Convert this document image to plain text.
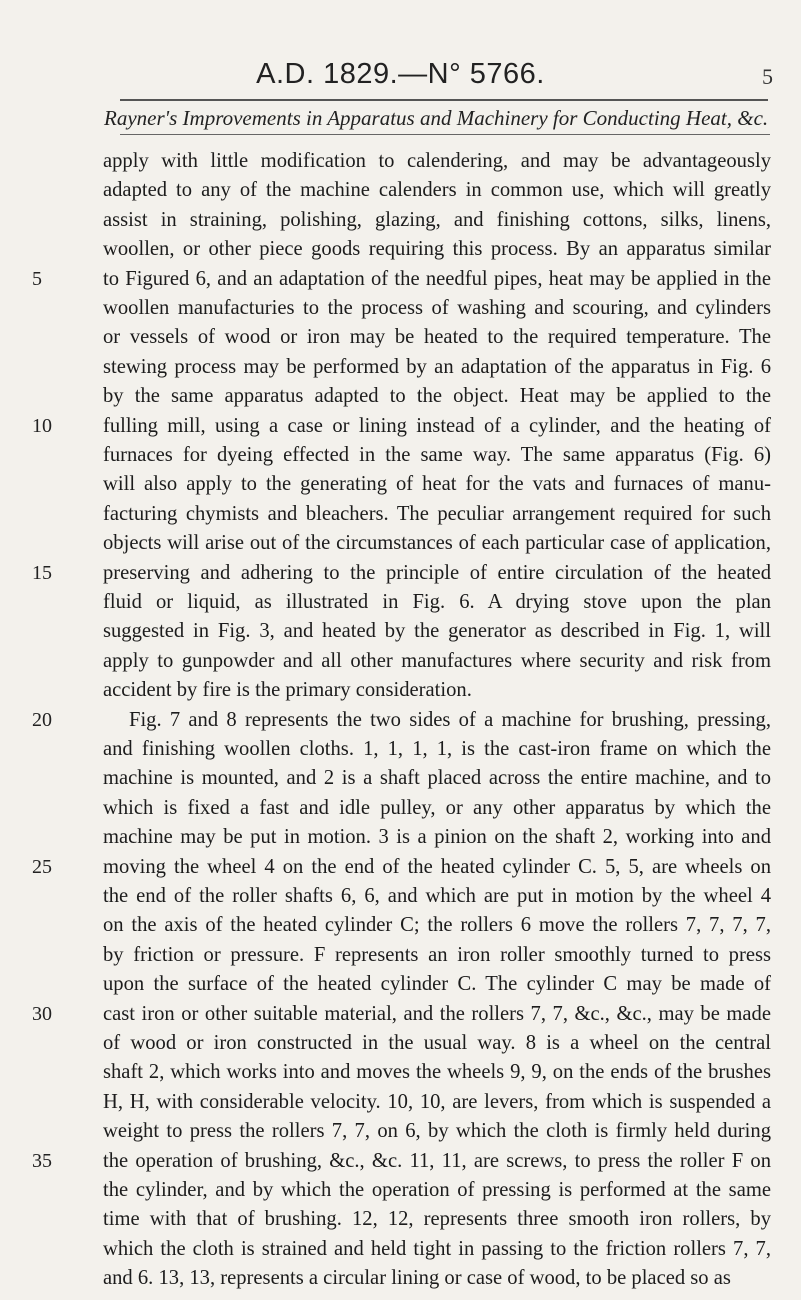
A.D. 1829.—N° 5766.	5
Rayner's Improvements in Apparatus and Machinery for Conducting Heat, &c.
apply with little modification to calendering, and may be advantageously
adapted to any of the machine calenders in common use, which will greatly
assist in straining, polishing, glazing, and finishing cottons, silks, linens,
woollen, or other piece goods requiring this process. By an apparatus similar
to Figured 6, and an adaptation of the needful pipes, heat may be applied in the
woollen manufacturies to the process of washing and scouring, and cylinders
or vessels of wood or iron may be heated to the required temperature. The
stewing process may be performed by an adaptation of the apparatus in Fig. 6
by the same apparatus adapted to the object. Heat may be applied to the
fulling mill, using a case or lining instead of a cylinder, and the heating of
furnaces for dyeing effected in the same way. The same apparatus (Fig. 6)
will also apply to the generating of heat for the vats and furnaces of manu-
facturing chymists and bleachers. The peculiar arrangement required for such
objects will arise out of the circumstances of each particular case of application,
preserving and adhering to the principle of entire circulation of the heated
fluid or liquid, as illustrated in Fig. 6. A drying stove upon the plan
suggested in Fig. 3, and heated by the generator as described in Fig. 1, will
apply to gunpowder and all other manufactures where security and risk from
accident by fire is the primary consideration.
Fig. 7 and 8 represents the two sides of a machine for brushing, pressing,
and finishing woollen cloths. 1, 1, 1, 1, is the cast-iron frame on which the
machine is mounted, and 2 is a shaft placed across the entire machine, and to
which is fixed a fast and idle pulley, or any other apparatus by which the
machine may be put in motion. 3 is a pinion on the shaft 2, working into and
moving the wheel 4 on the end of the heated cylinder C. 5, 5, are wheels on
the end of the roller shafts 6, 6, and which are put in motion by the wheel 4
on the axis of the heated cylinder C; the rollers 6 move the rollers 7, 7, 7, 7,
by friction or pressure. F represents an iron roller smoothly turned to press
upon the surface of the heated cylinder C. The cylinder C may be made of
cast iron or other suitable material, and the rollers 7, 7, &c., &c., may be made
of wood or iron constructed in the usual way. 8 is a wheel on the central
shaft 2, which works into and moves the wheels 9, 9, on the ends of the brushes
H, H, with considerable velocity. 10, 10, are levers, from which is suspended a
weight to press the rollers 7, 7, on 6, by which the cloth is firmly held during
the operation of brushing, &c., &c. 11, 11, are screws, to press the roller F on
the cylinder, and by which the operation of pressing is performed at the same
time with that of brushing. 12, 12, represents three smooth iron rollers, by
which the cloth is strained and held tight in passing to the friction rollers 7, 7,
and 6. 13, 13, represents a circular lining or case of wood, to be placed so as
5
10
15
20
25
30
35
